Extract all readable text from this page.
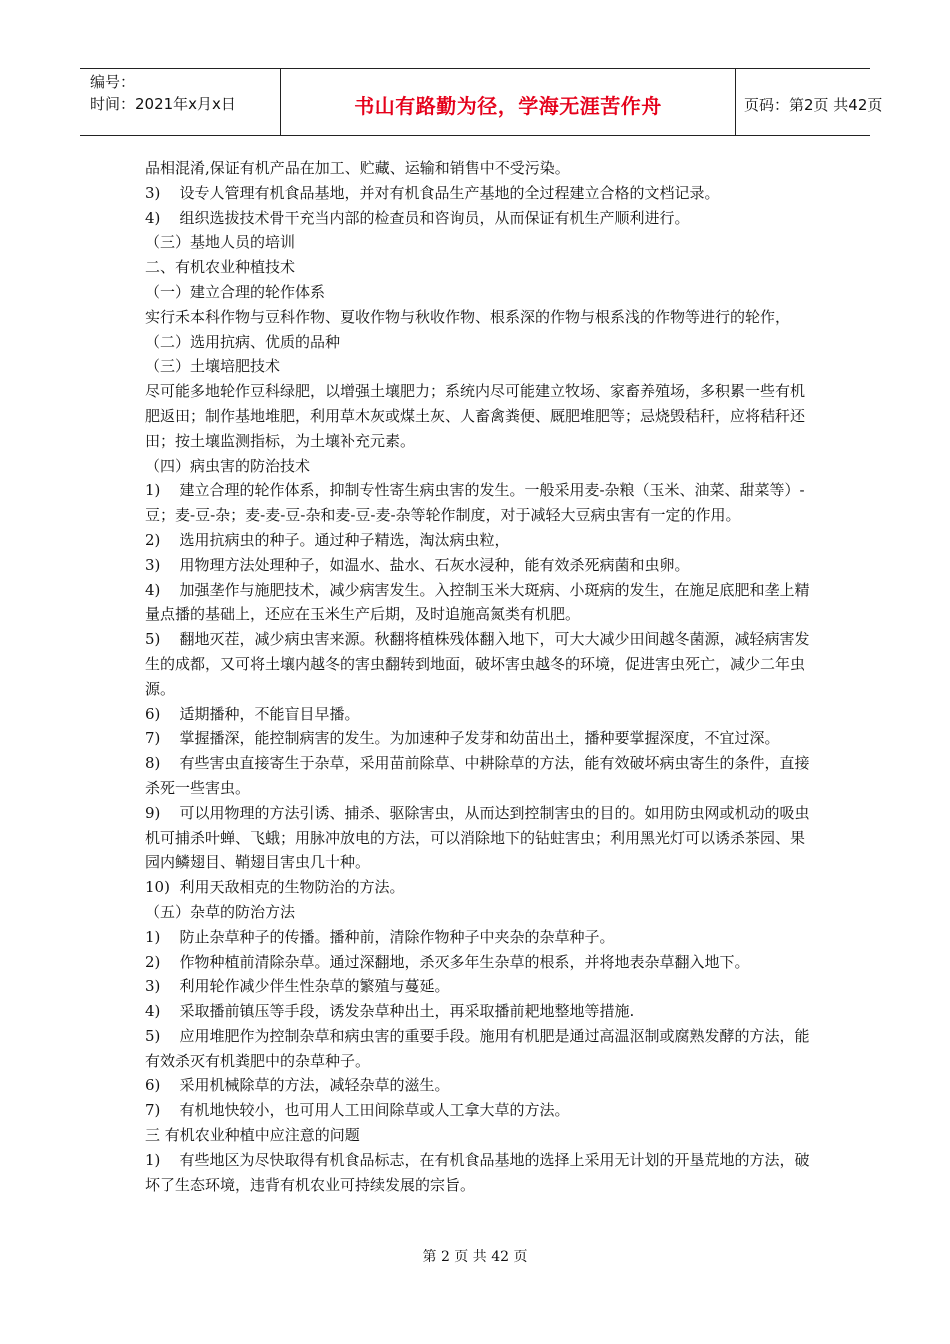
编号：
时间：2021年x月x日	书山有路勤为径，学海无涯苦作舟	页码：第2页 共42页

品相混淆,保证有机产品在加工、贮藏、运输和销售中不受污染。

3)    设专人管理有机食品基地，并对有机食品生产基地的全过程建立合格的文档记录。

4)    组织选拔技术骨干充当内部的检查员和咨询员，从而保证有机生产顺利进行。

（三）基地人员的培训

二、有机农业种植技术

（一）建立合理的轮作体系

实行禾本科作物与豆科作物、夏收作物与秋收作物、根系深的作物与根系浅的作物等进行的轮作，

（二）选用抗病、优质的品种

（三）土壤培肥技术

尽可能多地轮作豆科绿肥，以增强土壤肥力；系统内尽可能建立牧场、家畜养殖场，多积累一些有机肥返田；制作基地堆肥，利用草木灰或煤土灰、人畜禽粪便、厩肥堆肥等；忌烧毁秸秆，应将秸秆还田；按土壤监测指标，为土壤补充元素。

（四）病虫害的防治技术

1)    建立合理的轮作体系，抑制专性寄生病虫害的发生。一般采用麦-杂粮（玉米、油菜、甜菜等）-豆；麦-豆-杂；麦-麦-豆-杂和麦-豆-麦-杂等轮作制度，对于减轻大豆病虫害有一定的作用。

2)    选用抗病虫的种子。通过种子精选，淘汰病虫粒，

3)    用物理方法处理种子，如温水、盐水、石灰水浸种，能有效杀死病菌和虫卵。

4)    加强垄作与施肥技术，减少病害发生。入控制玉米大斑病、小斑病的发生，在施足底肥和垄上精量点播的基础上，还应在玉米生产后期，及时追施高氮类有机肥。

5)    翻地灭茬，减少病虫害来源。秋翻将植株残体翻入地下，可大大减少田间越冬菌源，减轻病害发生的成都，又可将土壤内越冬的害虫翻转到地面，破坏害虫越冬的环境，促进害虫死亡，减少二年虫源。

6)    适期播种，不能盲目早播。

7)    掌握播深，能控制病害的发生。为加速种子发芽和幼苗出土，播种要掌握深度，不宜过深。

8)    有些害虫直接寄生于杂草，采用苗前除草、中耕除草的方法，能有效破坏病虫寄生的条件，直接杀死一些害虫。

9)    可以用物理的方法引诱、捕杀、驱除害虫，从而达到控制害虫的目的。如用防虫网或机动的吸虫机可捕杀叶蝉、飞蛾；用脉冲放电的方法，可以消除地下的钻蛀害虫；利用黑光灯可以诱杀茶园、果园内鳞翅目、鞘翅目害虫几十种。

10)  利用天敌相克的生物防治的方法。

（五）杂草的防治方法

1)    防止杂草种子的传播。播种前，清除作物种子中夹杂的杂草种子。

2)    作物种植前清除杂草。通过深翻地，杀灭多年生杂草的根系，并将地表杂草翻入地下。

3)    利用轮作减少伴生性杂草的繁殖与蔓延。

4)    采取播前镇压等手段，诱发杂草种出土，再采取播前耙地整地等措施.

5)    应用堆肥作为控制杂草和病虫害的重要手段。施用有机肥是通过高温沤制或腐熟发酵的方法，能有效杀灭有机粪肥中的杂草种子。

6)    采用机械除草的方法，减轻杂草的滋生。

7)    有机地快较小，也可用人工田间除草或人工拿大草的方法。

三 有机农业种植中应注意的问题

1)    有些地区为尽快取得有机食品标志，在有机食品基地的选择上采用无计划的开垦荒地的方法，破坏了生态环境，违背有机农业可持续发展的宗旨。

第 2 页 共 42 页
